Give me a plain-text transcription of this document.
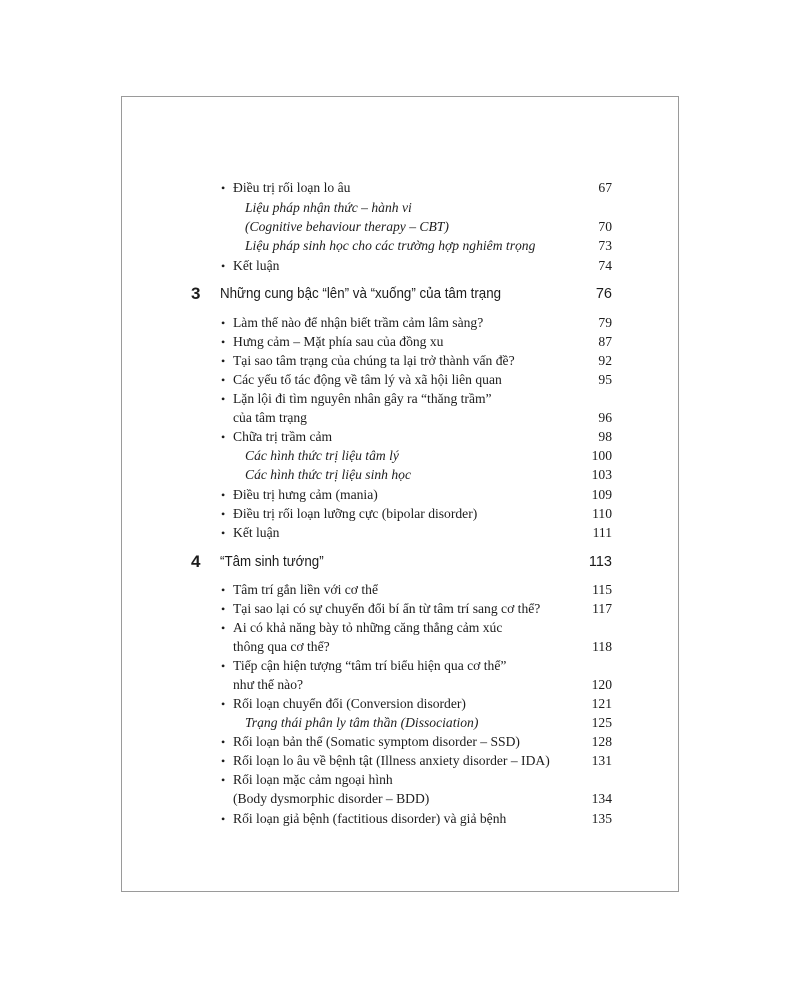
• Điều trị rối loạn lo âu	67
Liệu pháp nhận thức – hành vi
(Cognitive behaviour therapy – CBT)	70
Liệu pháp sinh học cho các trường hợp nghiêm trọng	73
• Kết luận	74
3 Những cung bậc “lên” và “xuống” của tâm trạng	76
• Làm thế nào để nhận biết trầm cảm lâm sàng?	79
• Hưng cảm – Mặt phía sau của đồng xu	87
• Tại sao tâm trạng của chúng ta lại trở thành vấn đề?	92
• Các yếu tố tác động về tâm lý và xã hội liên quan	95
• Lặn lội đi tìm nguyên nhân gây ra “thăng trầm”
của tâm trạng	96
• Chữa trị trầm cảm	98
Các hình thức trị liệu tâm lý	100
Các hình thức trị liệu sinh học	103
• Điều trị hưng cảm (mania)	109
• Điều trị rối loạn lưỡng cực (bipolar disorder)	110
• Kết luận	111
4 “Tâm sinh tướng”	113
• Tâm trí gắn liền với cơ thể	115
• Tại sao lại có sự chuyển đổi bí ẩn từ tâm trí sang cơ thể?	117
• Ai có khả năng bày tỏ những căng thẳng cảm xúc
thông qua cơ thể?	118
• Tiếp cận hiện tượng “tâm trí biểu hiện qua cơ thể”
như thế nào?	120
• Rối loạn chuyển đổi (Conversion disorder)	121
Trạng thái phân ly tâm thần (Dissociation)	125
• Rối loạn bản thể (Somatic symptom disorder – SSD)	128
• Rối loạn lo âu về bệnh tật (Illness anxiety disorder – IDA)	131
• Rối loạn mặc cảm ngoại hình
(Body dysmorphic disorder – BDD)	134
• Rối loạn giả bệnh (factitious disorder) và giả bệnh	135
